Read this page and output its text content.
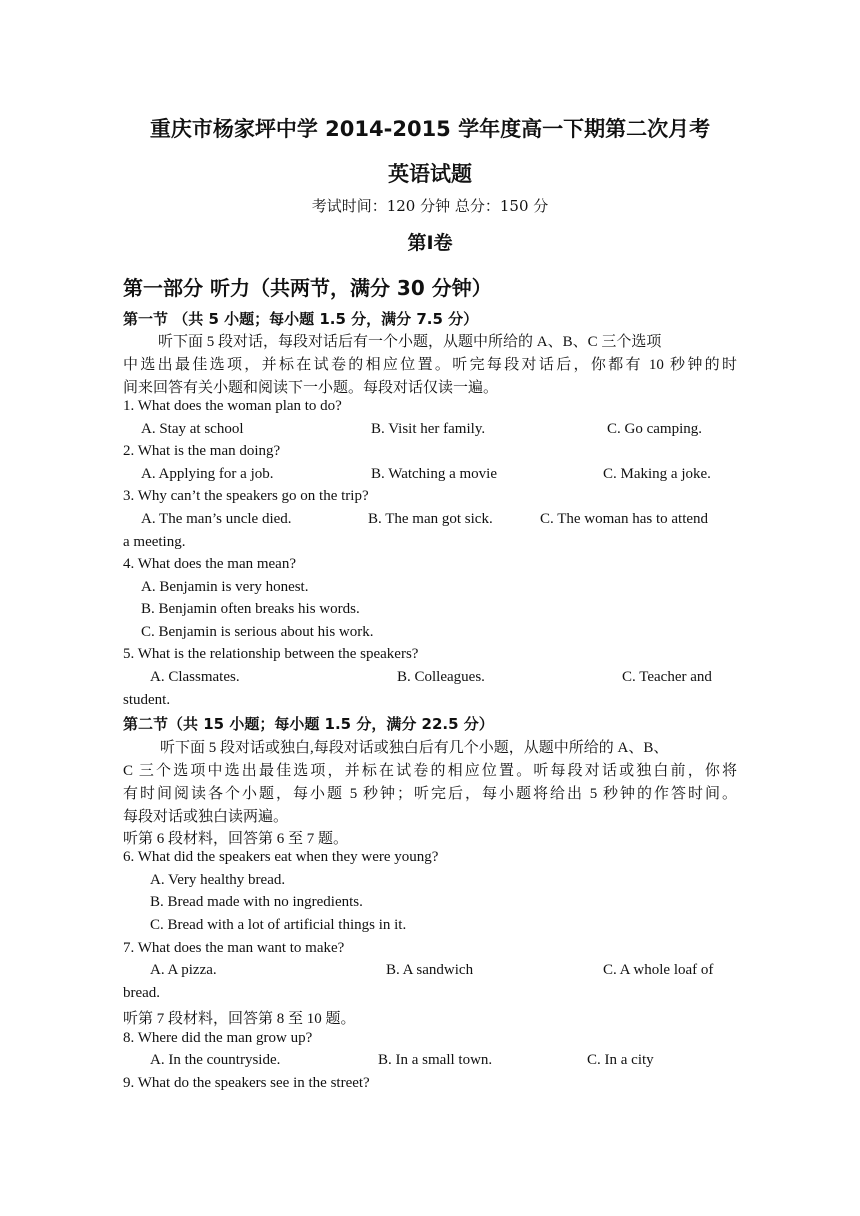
重庆市杨家坪中学 2014-2015 学年度高一下期第二次月考
英语试题
考试时间：120 分钟 总分：150 分
第Ⅰ卷
第一部分 听力（共两节，满分 30 分钟）
第一节 （共 5 小题；每小题 1.5 分，满分 7.5 分）
听下面 5 段对话，每段对话后有一个小题，从题中所给的 A、B、C 三个选项
中选出最佳选项，并标在试卷的相应位置。听完每段对话后，你都有 10 秒钟的时
间来回答有关小题和阅读下一小题。每段对话仅读一遍。
1. What does the woman plan to do?
A. Stay at school	B. Visit her family.	C. Go camping.
2. What is the man doing?
A. Applying for a job.	B. Watching a movie	C. Making a joke.
3. Why can’t the speakers go on the trip?
A. The man’s uncle died.	B. The man got sick.	C. The woman has to attend
a meeting.
4. What does the man mean?
A. Benjamin is very honest.
B. Benjamin often breaks his words.
C. Benjamin is serious about his work.
5. What is the relationship between the speakers?
A. Classmates.	B. Colleagues.	C. Teacher and
student.
第二节（共 15 小题；每小题 1.5 分，满分 22.5 分）
听下面 5 段对话或独白,每段对话或独白后有几个小题，从题中所给的 A、B、
C 三个选项中选出最佳选项，并标在试卷的相应位置。听每段对话或独白前，你将
有时间阅读各个小题，每小题 5 秒钟；听完后，每小题将给出 5 秒钟的作答时间。
每段对话或独白读两遍。
听第 6 段材料，回答第 6 至 7 题。
6. What did the speakers eat when they were young?
A. Very healthy bread.
B. Bread made with no ingredients.
C. Bread with a lot of artificial things in it.
7. What does the man want to make?
A. A pizza.	B. A sandwich	C. A whole loaf of
bread.
听第 7 段材料，回答第 8 至 10 题。
8. Where did the man grow up?
A. In the countryside.	B. In a small town.	C. In a city
9. What do the speakers see in the street?
